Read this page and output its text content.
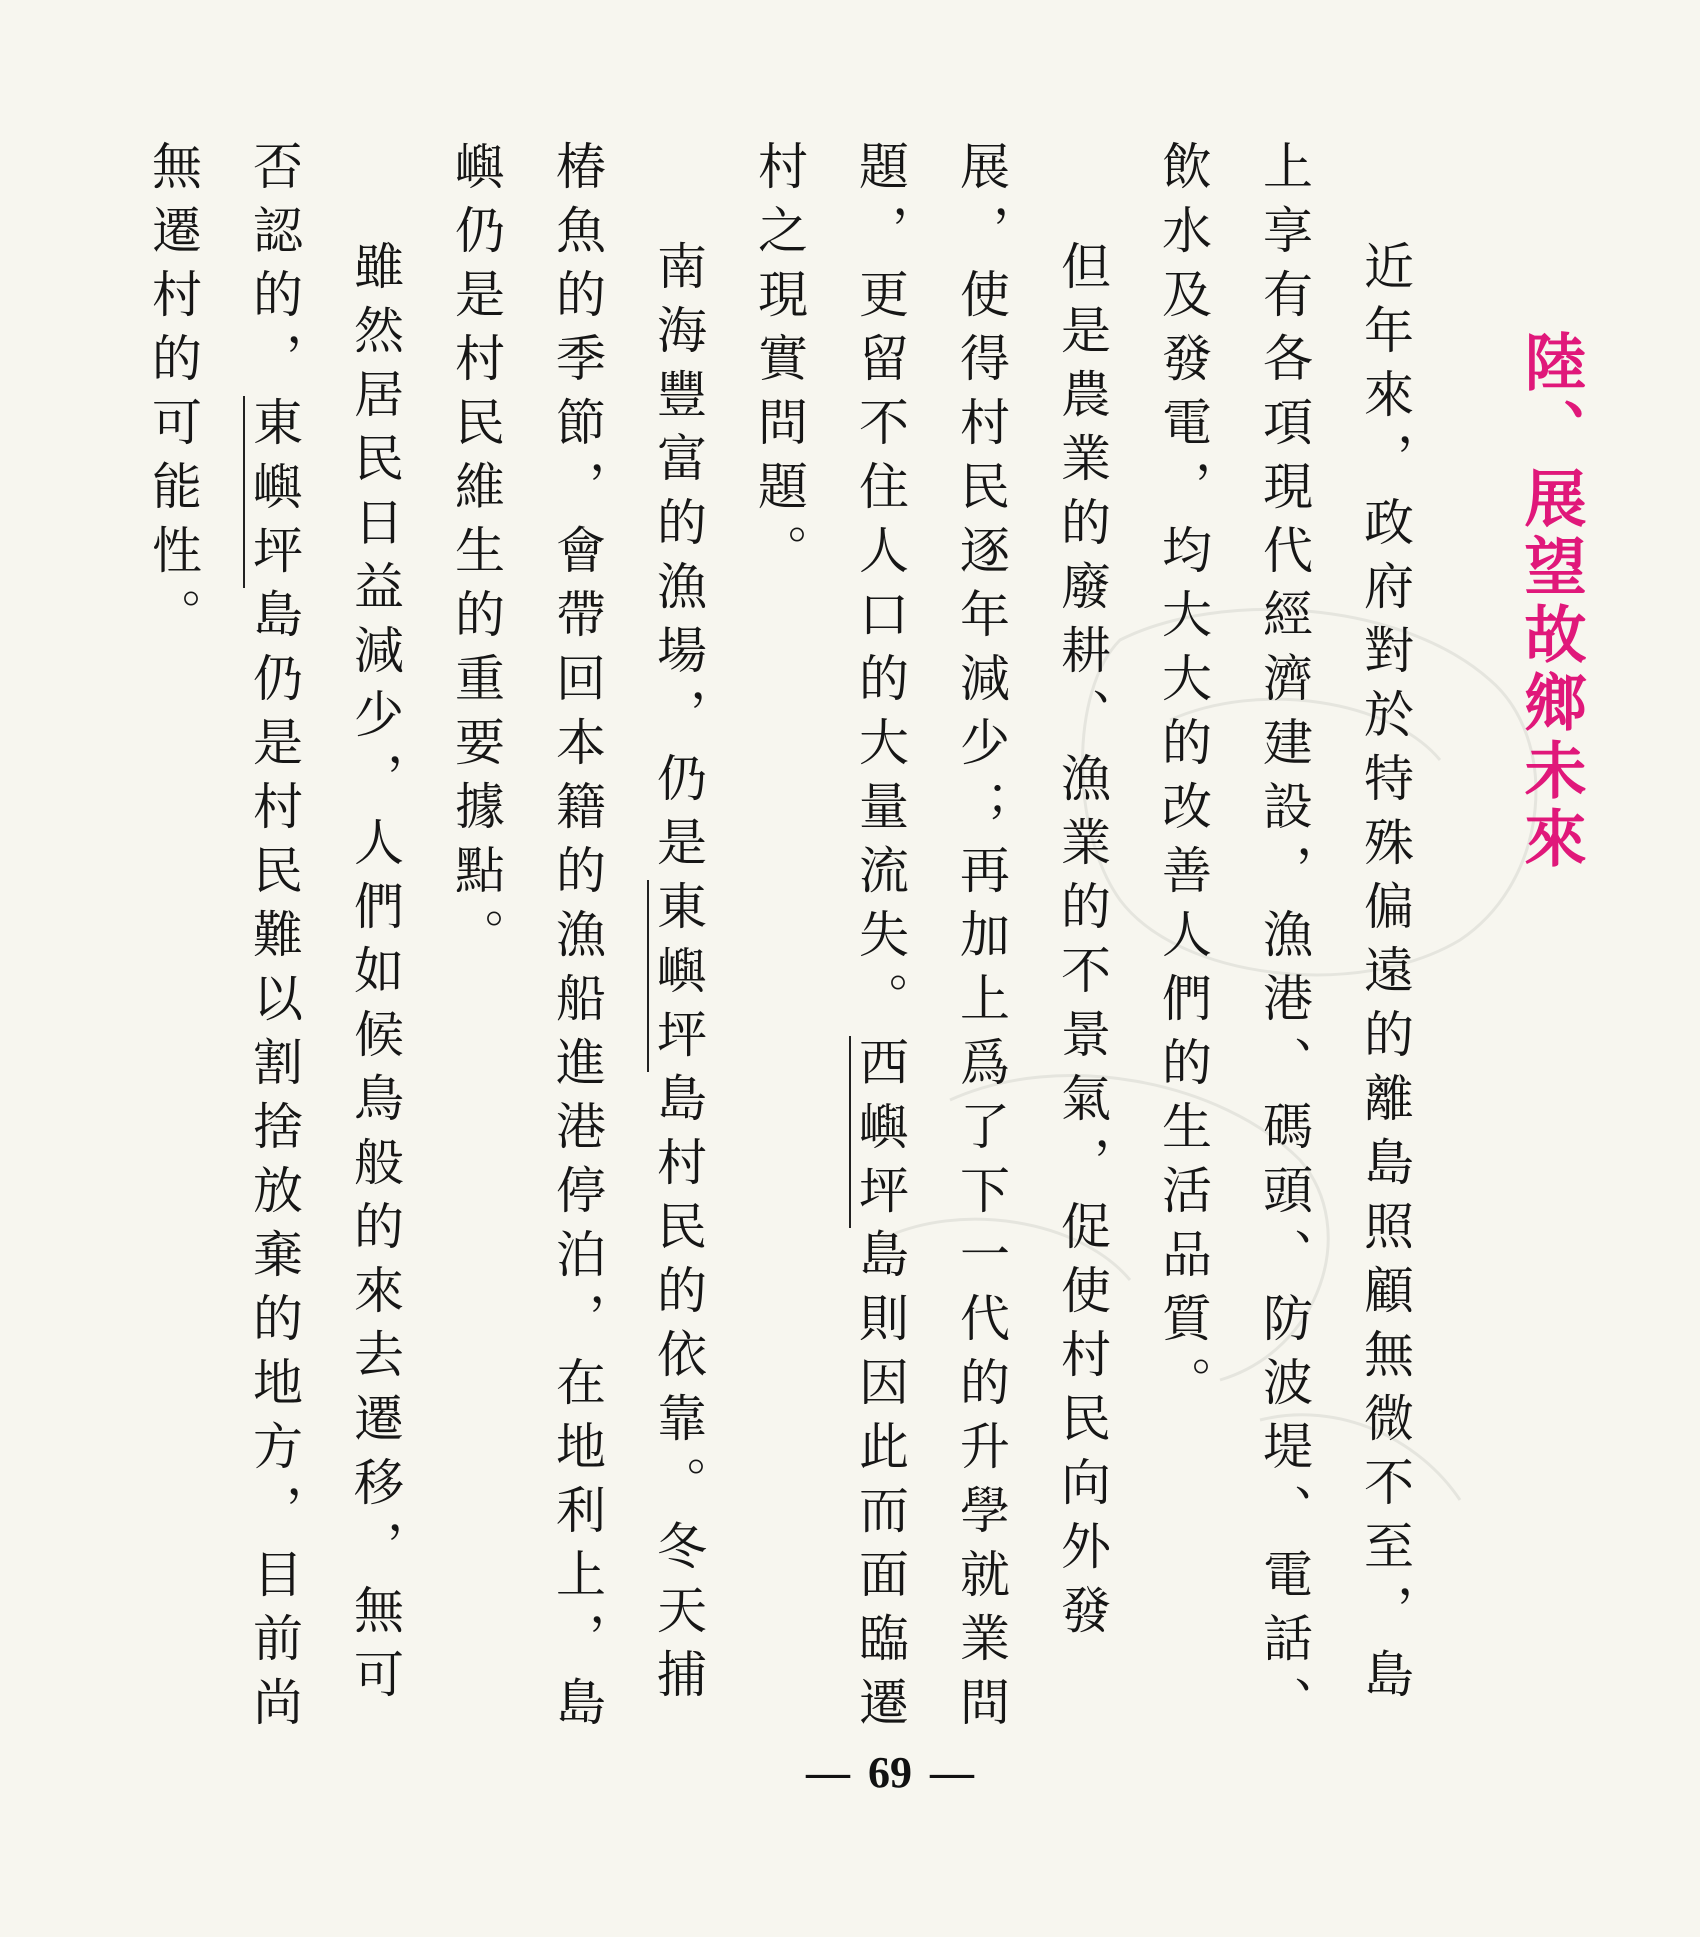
陸、展望故鄉未來

近年來，政府對於特殊偏遠的離島照顧無微不至，島上享有各項現代經濟建設，漁港、碼頭、防波堤、電話、飲水及發電，均大大的改善人們的生活品質。

但是農業的廢耕、漁業的不景氣，促使村民向外發展，使得村民逐年減少；再加上爲了下一代的升學就業問題，更留不住人口的大量流失。西嶼坪島則因此而面臨遷村之現實問題。

南海豐富的漁場，仍是東嶼坪島村民的依靠。冬天捕椿魚的季節，會帶回本籍的漁船進港停泊，在地利上，島嶼仍是村民維生的重要據點。

雖然居民日益減少，人們如候鳥般的來去遷移，無可否認的，東嶼坪島仍是村民難以割捨放棄的地方，目前尚無遷村的可能性。

— 69 —
